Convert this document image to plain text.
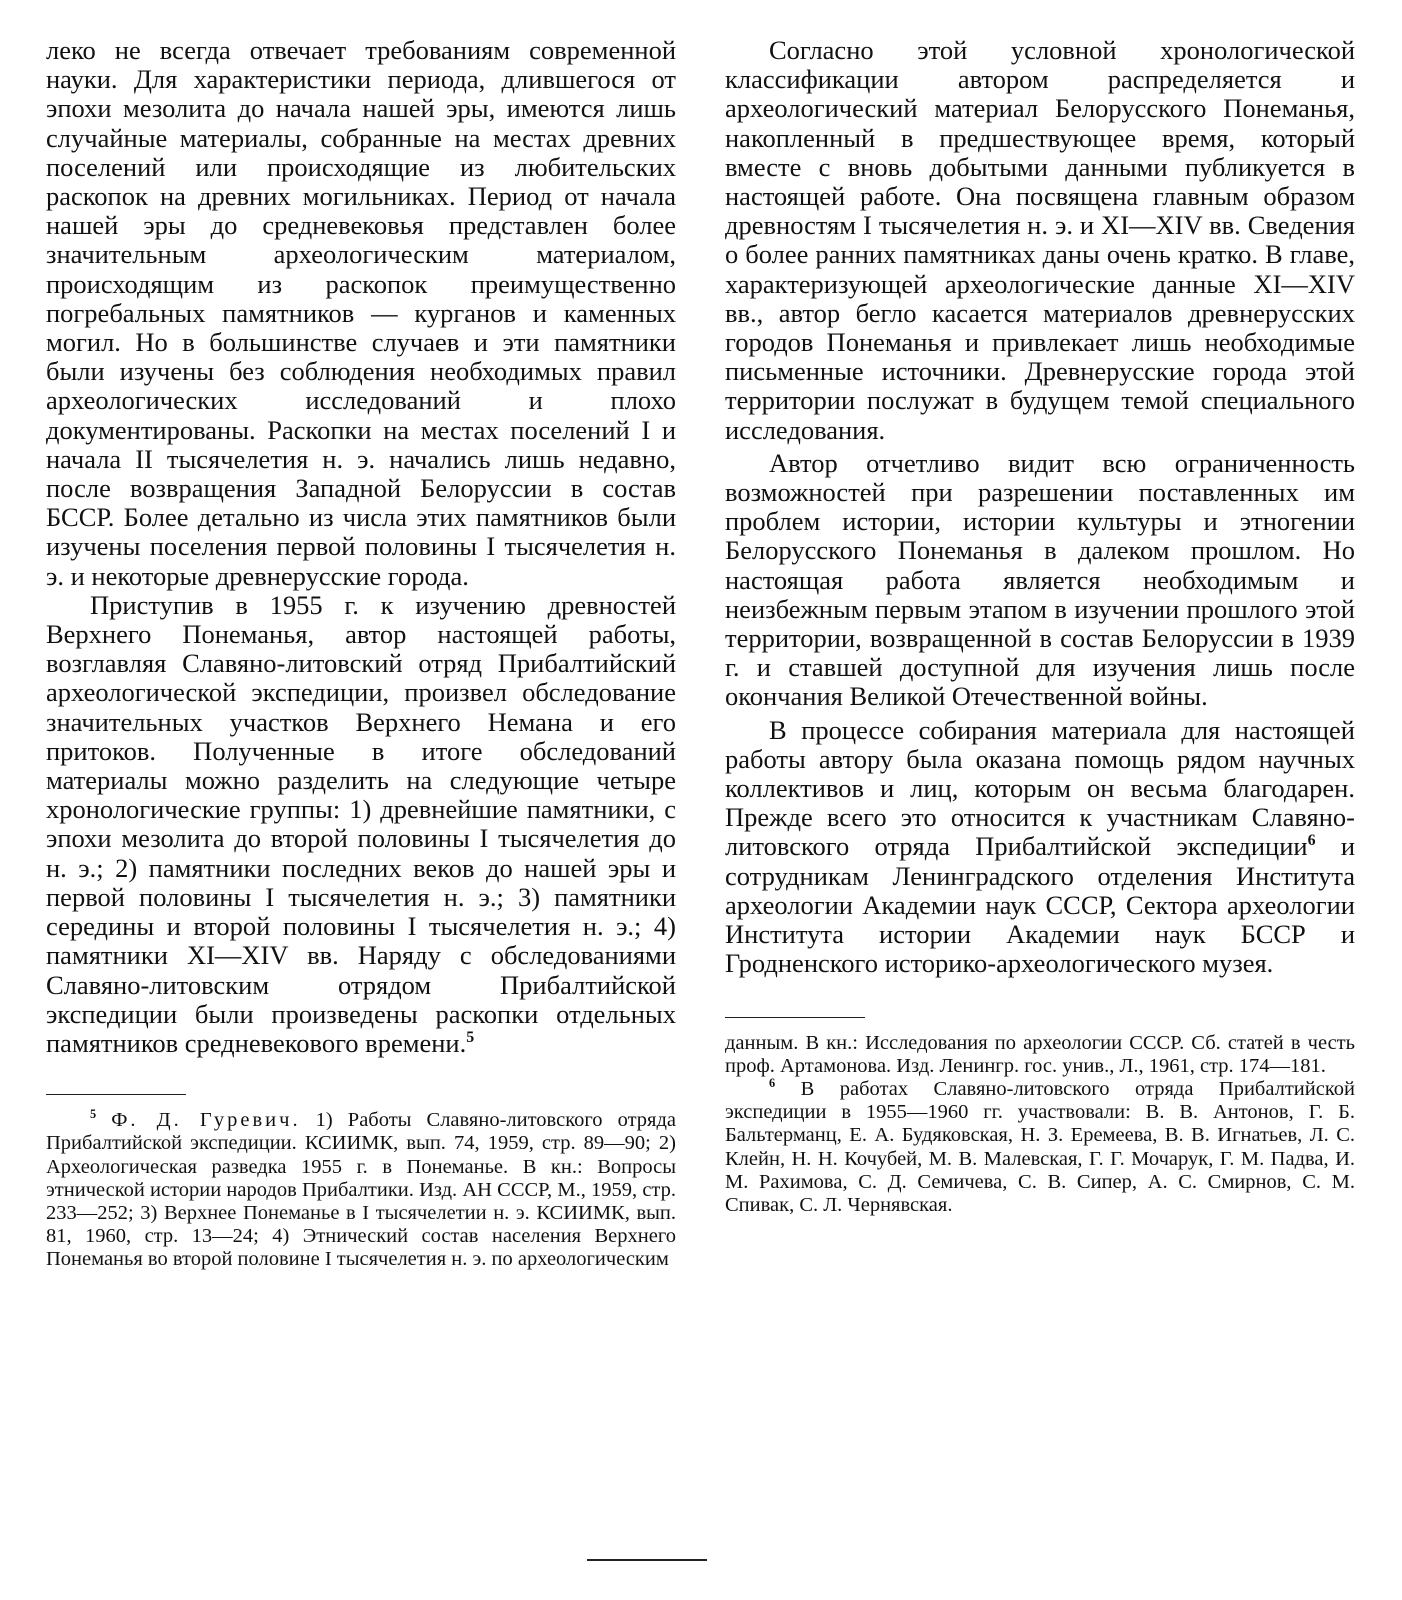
леко не всегда отвечает требованиям современной науки. Для характеристики периода, длившегося от эпохи мезолита до начала нашей эры, имеются лишь случайные материалы, собранные на местах древних поселений или происходящие из любительских раскопок на древних могильниках. Период от начала нашей эры до средневековья представлен более значительным археологическим материалом, происходящим из раскопок преимущественно погребальных памятников — курганов и каменных могил. Но в большинстве случаев и эти памятники были изучены без соблюдения необходимых правил археологических исследований и плохо документированы. Раскопки на местах поселений I и начала II тысячелетия н. э. начались лишь недавно, после возвращения Западной Белоруссии в состав БССР. Более детально из числа этих памятников были изучены поселения первой половины I тысячелетия н. э. и некоторые древнерусские города.

Приступив в 1955 г. к изучению древностей Верхнего Понеманья, автор настоящей работы, возглавляя Славяно-литовский отряд Прибалтийский археологической экспедиции, произвел обследование значительных участков Верхнего Немана и его притоков. Полученные в итоге обследований материалы можно разделить на следующие четыре хронологические группы: 1) древнейшие памятники, с эпохи мезолита до второй половины I тысячелетия до н. э.; 2) памятники последних веков до нашей эры и первой половины I тысячелетия н. э.; 3) памятники середины и второй половины I тысячелетия н. э.; 4) памятники XI—XIV вв. Наряду с обследованиями Славяно-литовским отрядом Прибалтийской экспедиции были произведены раскопки отдельных памятников средневекового времени.$^5$

$^5$ Ф. Д. Гуревич. 1) Работы Славяно-литовского отряда Прибалтийской экспедиции. КСИИМК, вып. 74, 1959, стр. 89—90; 2) Археологическая разведка 1955 г. в Понеманье. В кн.: Вопросы этнической истории народов Прибалтики. Изд. АН СССР, М., 1959, стр. 233—252; 3) Верхнее Понеманье в I тысячелетии н. э. КСИИМК, вып. 81, 1960, стр. 13—24; 4) Этнический состав населения Верхнего Понеманья во второй половине I тысячелетия н. э. по археологическим

Согласно этой условной хронологической классификации автором распределяется и археологический материал Белорусского Понеманья, накопленный в предшествующее время, который вместе с вновь добытыми данными публикуется в настоящей работе. Она посвящена главным образом древностям I тысячелетия н. э. и XI—XIV вв. Сведения о более ранних памятниках даны очень кратко. В главе, характеризующей археологические данные XI—XIV вв., автор бегло касается материалов древнерусских городов Понеманья и привлекает лишь необходимые письменные источники. Древнерусские города этой территории послужат в будущем темой специального исследования.

Автор отчетливо видит всю ограниченность возможностей при разрешении поставленных им проблем истории, истории культуры и этногении Белорусского Понеманья в далеком прошлом. Но настоящая работа является необходимым и неизбежным первым этапом в изучении прошлого этой территории, возвращенной в состав Белоруссии в 1939 г. и ставшей доступной для изучения лишь после окончания Великой Отечественной войны.

В процессе собирания материала для настоящей работы автору была оказана помощь рядом научных коллективов и лиц, которым он весьма благодарен. Прежде всего это относится к участникам Славяно-литовского отряда Прибалтийской экспедиции$^6$ и сотрудникам Ленинградского отделения Института археологии Академии наук СССР, Сектора археологии Института истории Академии наук БССР и Гродненского историко-археологического музея.

данным. В кн.: Исследования по археологии СССР. Сб. статей в честь проф. Артамонова. Изд. Ленингр. гос. унив., Л., 1961, стр. 174—181.

$^6$ В работах Славяно-литовского отряда Прибалтийской экспедиции в 1955—1960 гг. участвовали: В. В. Антонов, Г. Б. Бальтерманц, Е. А. Будяковская, Н. З. Еремеева, В. В. Игнатьев, Л. С. Клейн, Н. Н. Кочубей, М. В. Малевская, Г. Г. Мочарук, Г. М. Падва, И. М. Рахимова, С. Д. Семичева, С. В. Сипер, А. С. Смирнов, С. М. Спивак, С. Л. Чернявская.
